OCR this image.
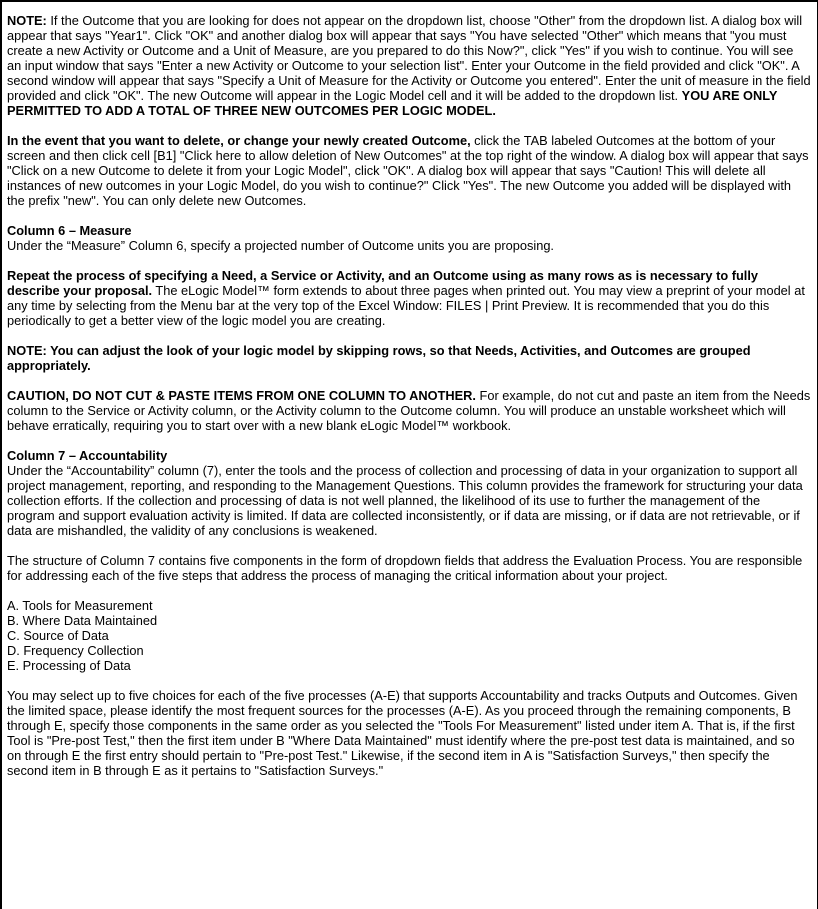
NOTE: If the Outcome that you are looking for does not appear on the dropdown list, choose "Other" from the dropdown list. A dialog box will appear that says "Year1". Click "OK" and another dialog box will appear that says "You have selected "Other" which means that "you must create a new Activity or Outcome and a Unit of Measure, are you prepared to do this Now?", click "Yes" if you wish to continue. You will see an input window that says "Enter a new Activity or Outcome to your selection list". Enter your Outcome in the field provided and click "OK". A second window will appear that says "Specify a Unit of Measure for the Activity or Outcome you entered". Enter the unit of measure in the field provided and click "OK". The new Outcome will appear in the Logic Model cell and it will be added to the dropdown list. YOU ARE ONLY PERMITTED TO ADD A TOTAL OF THREE NEW OUTCOMES PER LOGIC MODEL.

In the event that you want to delete, or change your newly created Outcome, click the TAB labeled Outcomes at the bottom of your screen and then click cell [B1] "Click here to allow deletion of New Outcomes" at the top right of the window. A dialog box will appear that says "Click on a new Outcome to delete it from your Logic Model", click "OK". A dialog box will appear that says "Caution! This will delete all instances of new outcomes in your Logic Model, do you wish to continue?" Click "Yes". The new Outcome you added will be displayed with the prefix "new". You can only delete new Outcomes.

Column 6 – Measure

Under the “Measure” Column 6, specify a projected number of Outcome units you are proposing.

Repeat the process of specifying a Need, a Service or Activity, and an Outcome using as many rows as is necessary to fully describe your proposal. The eLogic Model™ form extends to about three pages when printed out. You may view a preprint of your model at any time by selecting from the Menu bar at the very top of the Excel Window: FILES | Print Preview. It is recommended that you do this periodically to get a better view of the logic model you are creating.

NOTE: You can adjust the look of your logic model by skipping rows, so that Needs, Activities, and Outcomes are grouped appropriately.

CAUTION, DO NOT CUT & PASTE ITEMS FROM ONE COLUMN TO ANOTHER. For example, do not cut and paste an item from the Needs column to the Service or Activity column, or the Activity column to the Outcome column. You will produce an unstable worksheet which will behave erratically, requiring you to start over with a new blank eLogic Model™ workbook.

Column 7 – Accountability

Under the “Accountability” column (7), enter the tools and the process of collection and processing of data in your organization to support all project management, reporting, and responding to the Management Questions. This column provides the framework for structuring your data collection efforts. If the collection and processing of data is not well planned, the likelihood of its use to further the management of the program and support evaluation activity is limited. If data are collected inconsistently, or if data are missing, or if data are not retrievable, or if data are mishandled, the validity of any conclusions is weakened.

The structure of Column 7 contains five components in the form of dropdown fields that address the Evaluation Process. You are responsible for addressing each of the five steps that address the process of managing the critical information about your project.

A. Tools for Measurement
B. Where Data Maintained
C. Source of Data
D. Frequency Collection
E. Processing of Data

You may select up to five choices for each of the five processes (A-E) that supports Accountability and tracks Outputs and Outcomes. Given the limited space, please identify the most frequent sources for the processes (A-E). As you proceed through the remaining components, B through E, specify those components in the same order as you selected the "Tools For Measurement" listed under item A. That is, if the first Tool is "Pre-post Test," then the first item under B "Where Data Maintained" must identify where the pre-post test data is maintained, and so on through E the first entry should pertain to "Pre-post Test." Likewise, if the second item in A is "Satisfaction Surveys," then specify the second item in B through E as it pertains to "Satisfaction Surveys."
